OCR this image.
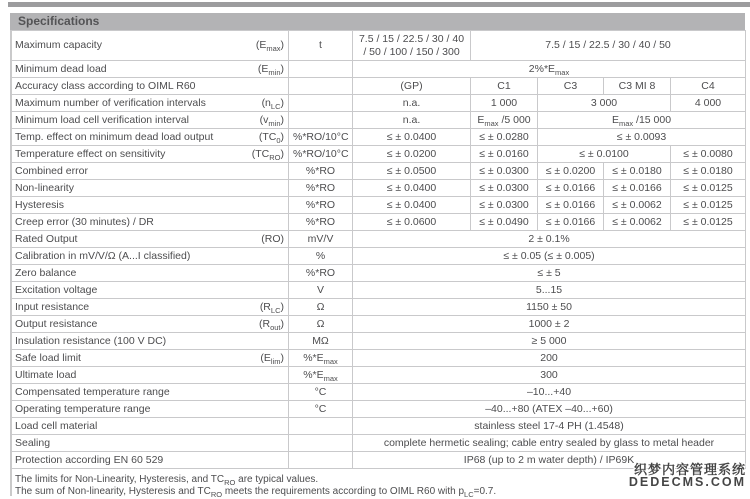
Specifications
Maximum capacity $(E_{max})$	t	7.5 / 15 / 22.5 / 30 / 40 / 50 / 100 / 150 / 300	7.5 / 15 / 22.5 / 30 / 40 / 50			

Minimum dead load $(E_{min})$		$2\%*E_{max}$

Accuracy class according to OIML R60		(GP)	C1	C3	C3 MI 8	C4

Maximum number of verification intervals $(n_{LC})$		n.a.	1 000	3 000		4 000

Minimum load cell verification interval $(v_{min})$		n.a.	$E_{max}$ /5 000	$E_{max}$ /15 000		

Temp. effect on minimum dead load output $(TC_0)$	%*RO/10°C	≤ ± 0.0400	≤ ± 0.0280	≤ ± 0.0093		

Temperature effect on sensitivity $(TC_{RO})$	%*RO/10°C	≤ ± 0.0200	≤ ± 0.0160	≤ ± 0.0100		≤ ± 0.0080

Combined error	%*RO	≤ ± 0.0500	≤ ± 0.0300	≤ ± 0.0200	≤ ± 0.0180	≤ ± 0.0180

Non-linearity	%*RO	≤ ± 0.0400	≤ ± 0.0300	≤ ± 0.0166	≤ ± 0.0166	≤ ± 0.0125

Hysteresis	%*RO	≤ ± 0.0400	≤ ± 0.0300	≤ ± 0.0166	≤ ± 0.0062	≤ ± 0.0125

Creep error (30 minutes) / DR	%*RO	≤ ± 0.0600	≤ ± 0.0490	≤ ± 0.0166	≤ ± 0.0062	≤ ± 0.0125

Rated Output (RO)	mV/V	2 ± 0.1%				

Calibration in mV/V/Ω (A...I classified)	%	≤ ± 0.05 (≤ ± 0.005)				

Zero balance	%*RO	≤ ± 5				

Excitation voltage	V	5...15				

Input resistance $(R_{LC})$	Ω	1150 ± 50				

Output resistance $(R_{out})$	Ω	1000 ± 2				

Insulation resistance (100 V DC)	MΩ	≥ 5 000				

Safe load limit $(E_{lim})$	$\%*E_{max}$	200				

Ultimate load	$\%*E_{max}$	300				

Compensated temperature range	°C	–10...+40				

Operating temperature range	°C	–40...+80 (ATEX –40...+60)				

Load cell material		stainless steel 17-4 PH (1.4548)				

Sealing		complete hermetic sealing; cable entry sealed by glass to metal header				

Protection according EN 60 529		IP68 (up to 2 m water depth) / IP69K				
The limits for Non-Linearity, Hysteresis, and $TC_{RO}$ are typical values.
The sum of Non-linearity, Hysteresis and $TC_{RO}$ meets the requirements according to OIML R60 with $p_{LC}=0.7$.
织梦内容管理系统
DEDECMS.COM
